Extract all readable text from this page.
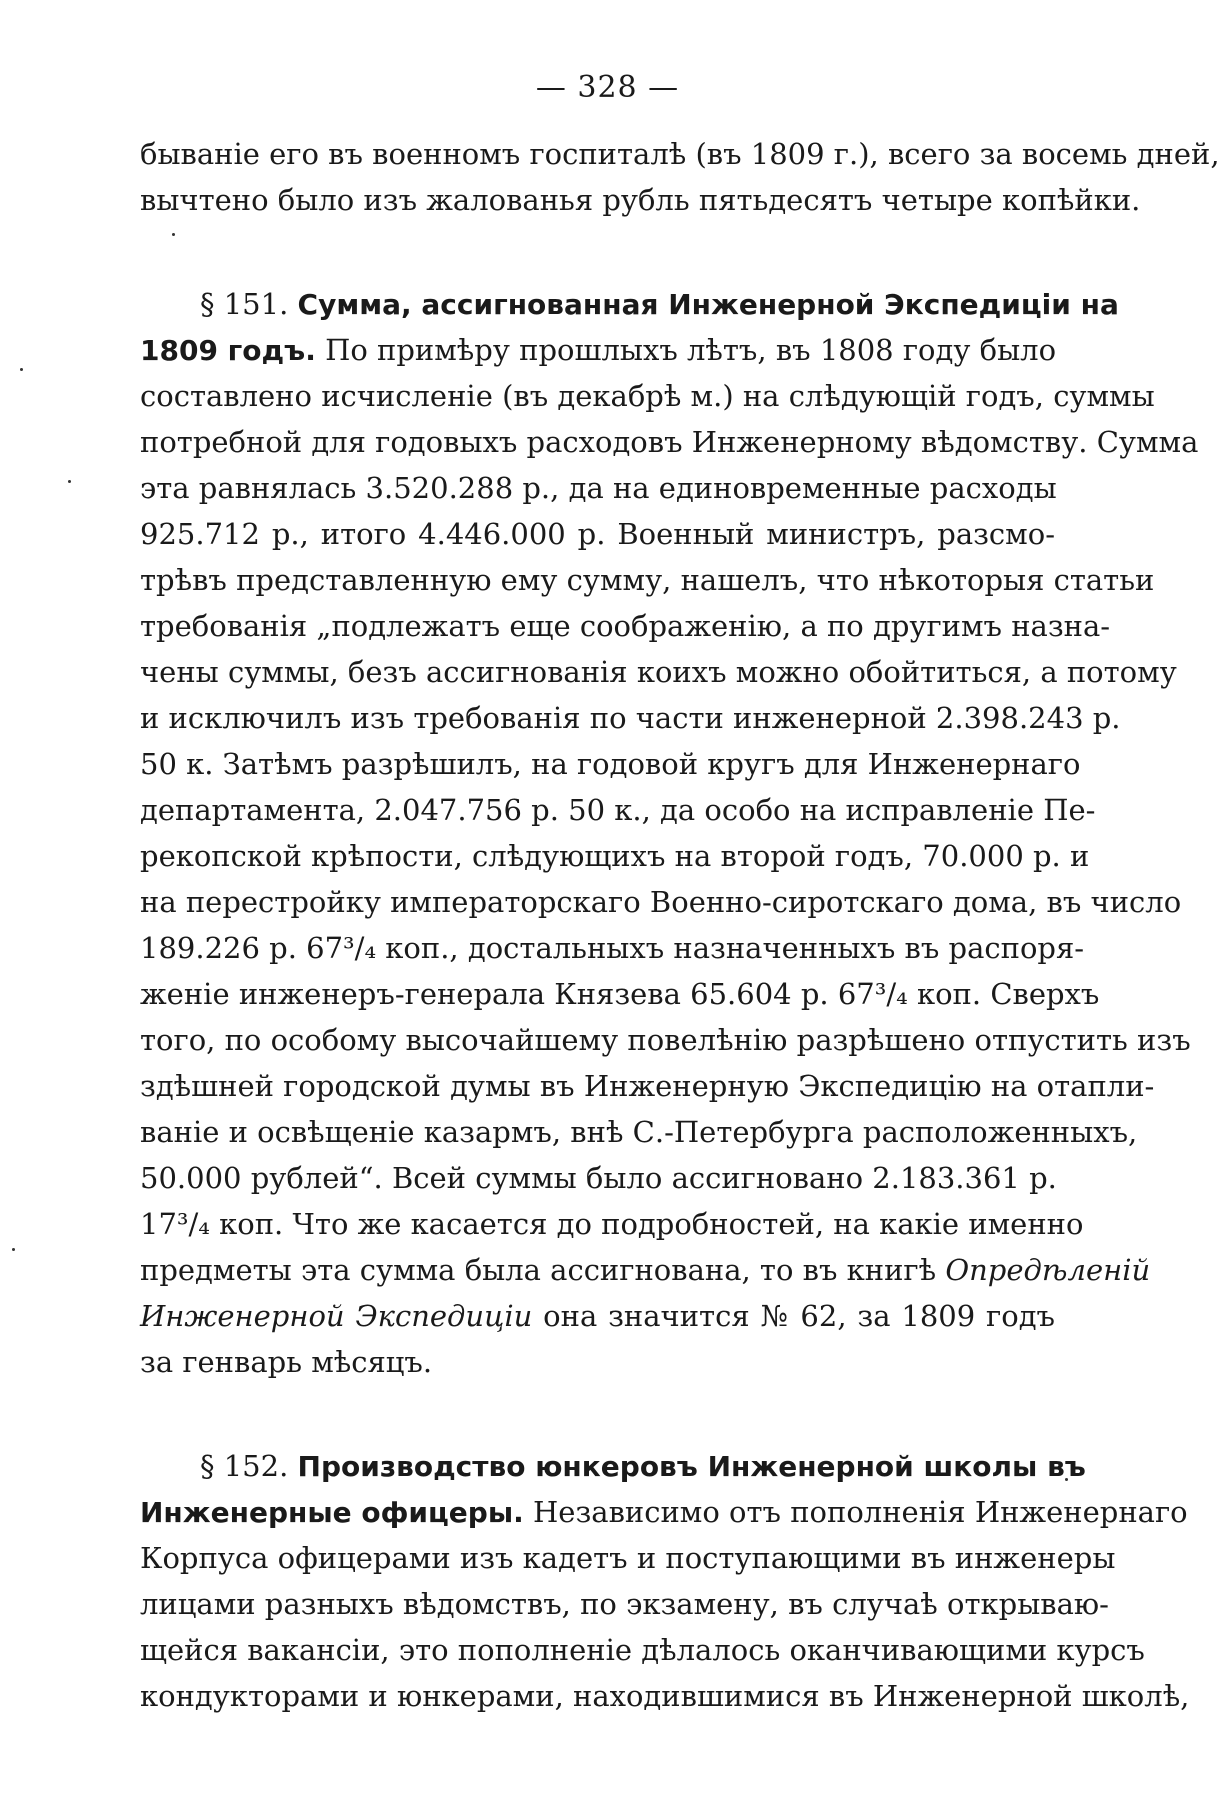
— 328 —
бываніе его въ военномъ госпиталѣ (въ 1809 г.), всего за восемь дней,
вычтено было изъ жалованья рубль пятьдесятъ четыре копѣйки.
§ 151. Сумма, ассигнованная Инженерной Экспедиціи на
1809 годъ. По примѣру прошлыхъ лѣтъ, въ 1808 году было
составлено исчисленіе (въ декабрѣ м.) на слѣдующій годъ, суммы
потребной для годовыхъ расходовъ Инженерному вѣдомству. Сумма
эта равнялась 3.520.288 р., да на единовременные расходы
925.712 р., итого 4.446.000 р. Военный министръ, разсмо-
трѣвъ представленную ему сумму, нашелъ, что нѣкоторыя статьи
требованія „подлежатъ еще соображенію, а по другимъ назна-
чены суммы, безъ ассигнованія коихъ можно обойтиться, а потому
и исключилъ изъ требованія по части инженерной 2.398.243 р.
50 к. Затѣмъ разрѣшилъ, на годовой кругъ для Инженернаго
департамента, 2.047.756 р. 50 к., да особо на исправленіе Пе-
рекопской крѣпости, слѣдующихъ на второй годъ, 70.000 р. и
на перестройку императорскаго Военно-сиротскаго дома, въ число
189.226 р. 67³/₄ коп., достальныхъ назначенныхъ въ распоря-
женіе инженеръ-генерала Князева 65.604 р. 67³/₄ коп. Сверхъ
того, по особому высочайшему повелѣнію разрѣшено отпустить изъ
здѣшней городской думы въ Инженерную Экспедицію на отапли-
ваніе и освѣщеніе казармъ, внѣ С.-Петербурга расположенныхъ,
50.000 рублей“. Всей суммы было ассигновано 2.183.361 р.
17³/₄ коп. Что же касается до подробностей, на какіе именно
предметы эта сумма была ассигнована, то въ книгѣ Опредѣленій
Инженерной Экспедиціи она значится № 62, за 1809 годъ
за генварь мѣсяцъ.
§ 152. Производство юнкеровъ Инженерной школы въ
Инженерные офицеры. Независимо отъ пополненія Инженернаго
Корпуса офицерами изъ кадетъ и поступающими въ инженеры
лицами разныхъ вѣдомствъ, по экзамену, въ случаѣ открываю-
щейся вакансіи, это пополненіе дѣлалось оканчивающими курсъ
кондукторами и юнкерами, находившимися въ Инженерной школѣ,
